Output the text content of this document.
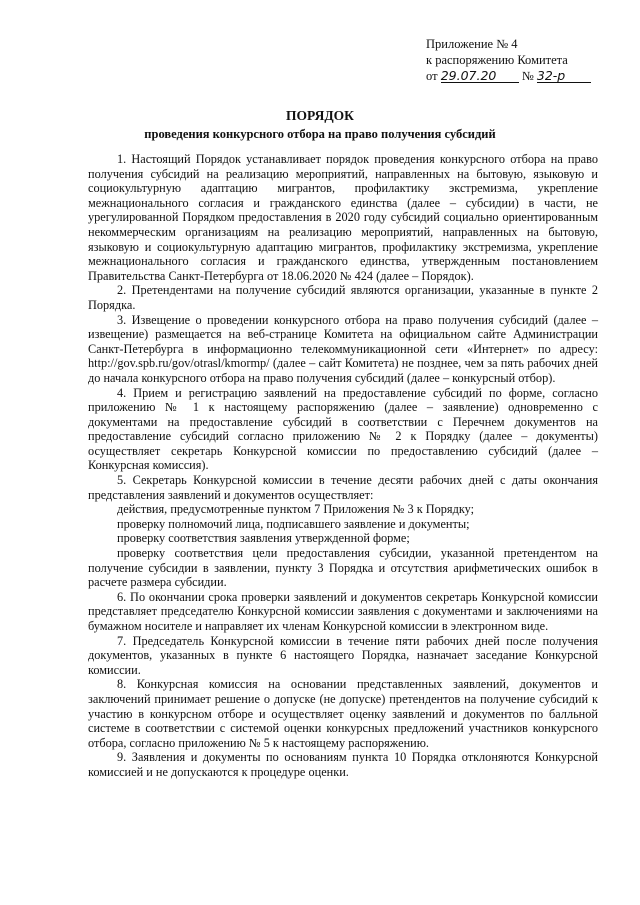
Приложение № 4
к распоряжению Комитета
от 29.07.20 № 32-р
ПОРЯДОК
проведения конкурсного отбора на право получения субсидий

1. Настоящий Порядок устанавливает порядок проведения конкурсного отбора на право получения субсидий на реализацию мероприятий, направленных на бытовую, языковую и социокультурную адаптацию мигрантов, профилактику экстремизма, укрепление межнационального согласия и гражданского единства (далее – субсидии) в части, не урегулированной Порядком предоставления в 2020 году субсидий социально ориентированным некоммерческим организациям на реализацию мероприятий, направленных на бытовую, языковую и социокультурную адаптацию мигрантов, профилактику экстремизма, укрепление межнационального согласия и гражданского единства, утвержденным постановлением Правительства Санкт-Петербурга от 18.06.2020 № 424 (далее – Порядок).

2. Претендентами на получение субсидий являются организации, указанные в пункте 2 Порядка.

3. Извещение о проведении конкурсного отбора на право получения субсидий (далее – извещение) размещается на веб-странице Комитета на официальном сайте Администрации Санкт-Петербурга в информационно телекоммуникационной сети «Интернет» по адресу: http://gov.spb.ru/gov/otrasl/kmormp/ (далее – сайт Комитета) не позднее, чем за пять рабочих дней до начала конкурсного отбора на право получения субсидий (далее – конкурсный отбор).

4. Прием и регистрацию заявлений на предоставление субсидий по форме, согласно приложению № 1 к настоящему распоряжению (далее – заявление) одновременно с документами на предоставление субсидий в соответствии с Перечнем документов на предоставление субсидий согласно приложению № 2 к Порядку (далее – документы) осуществляет секретарь Конкурсной комиссии по предоставлению субсидий (далее – Конкурсная комиссия).

5. Секретарь Конкурсной комиссии в течение десяти рабочих дней с даты окончания представления заявлений и документов осуществляет:

действия, предусмотренные пунктом 7 Приложения № 3 к Порядку;

проверку полномочий лица, подписавшего заявление и документы;

проверку соответствия заявления утвержденной форме;

проверку соответствия цели предоставления субсидии, указанной претендентом на получение субсидии в заявлении, пункту 3 Порядка и отсутствия арифметических ошибок в расчете размера субсидии.

6. По окончании срока проверки заявлений и документов секретарь Конкурсной комиссии представляет председателю Конкурсной комиссии заявления с документами и заключениями на бумажном носителе и направляет их членам Конкурсной комиссии в электронном виде.

7. Председатель Конкурсной комиссии в течение пяти рабочих дней после получения документов, указанных в пункте 6 настоящего Порядка, назначает заседание Конкурсной комиссии.

8. Конкурсная комиссия на основании представленных заявлений, документов и заключений принимает решение о допуске (не допуске) претендентов на получение субсидий к участию в конкурсном отборе и осуществляет оценку заявлений и документов по балльной системе в соответствии с системой оценки конкурсных предложений участников конкурсного отбора, согласно приложению № 5 к настоящему распоряжению.

9. Заявления и документы по основаниям пункта 10 Порядка отклоняются Конкурсной комиссией и не допускаются к процедуре оценки.
